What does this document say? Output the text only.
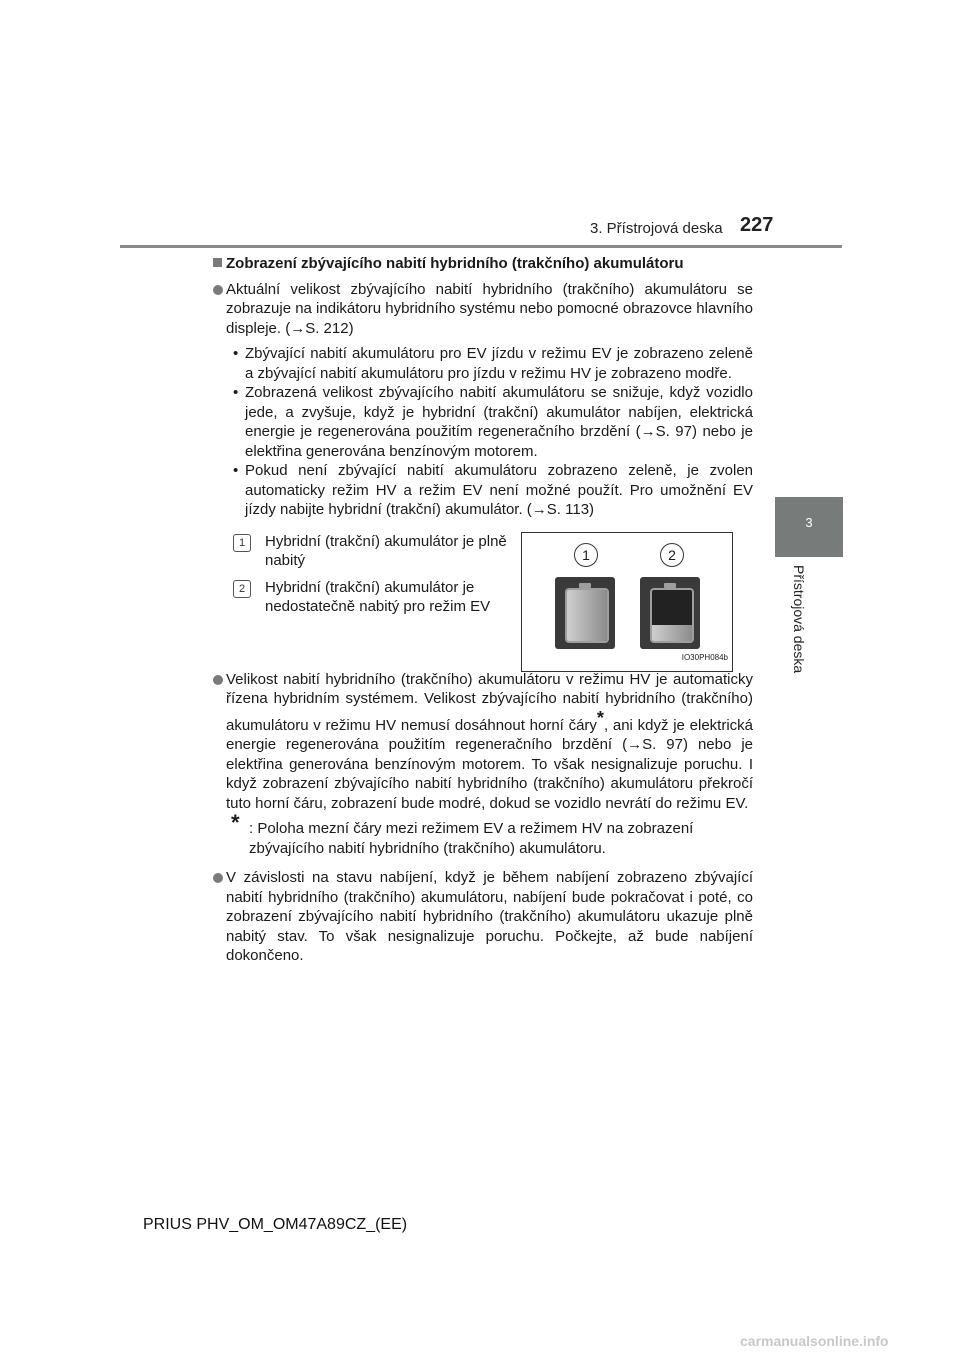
3. Přístrojová deska 227
3
Přístrojová deska
Zobrazení zbývajícího nabití hybridního (trakčního) akumulátoru
Aktuální velikost zbývajícího nabití hybridního (trakčního) akumulátoru se zobrazuje na indikátoru hybridního systému nebo pomocné obrazovce hlavního displeje. (→S. 212)
• Zbývající nabití akumulátoru pro EV jízdu v režimu EV je zobrazeno zeleně a zbývající nabití akumulátoru pro jízdu v režimu HV je zobrazeno modře.
• Zobrazená velikost zbývajícího nabití akumulátoru se snižuje, když vozidlo jede, a zvyšuje, když je hybridní (trakční) akumulátor nabíjen, elektrická energie je regenerována použitím regeneračního brzdění (→S. 97) nebo je elektřina generována benzínovým motorem.
• Pokud není zbývající nabití akumulátoru zobrazeno zeleně, je zvolen automaticky režim HV a režim EV není možné použít. Pro umožnění EV jízdy nabijte hybridní (trakční) akumulátor. (→S. 113)
1	Hybridní (trakční) akumulátor je plně nabitý
2	Hybridní (trakční) akumulátor je nedostatečně nabitý pro režim EV
1	2
IO30PH084b
Velikost nabití hybridního (trakčního) akumulátoru v režimu HV je automaticky řízena hybridním systémem. Velikost zbývajícího nabití hybridního (trakčního) akumulátoru v režimu HV nemusí dosáhnout horní čáry*, ani když je elektrická energie regenerována použitím regeneračního brzdění (→S. 97) nebo je elektřina generována benzínovým motorem. To však nesignalizuje poruchu. I když zobrazení zbývajícího nabití hybridního (trakčního) akumulátoru překročí tuto horní čáru, zobrazení bude modré, dokud se vozidlo nevrátí do režimu EV.
* : Poloha mezní čáry mezi režimem EV a režimem HV na zobrazení zbývajícího nabití hybridního (trakčního) akumulátoru.
V závislosti na stavu nabíjení, když je během nabíjení zobrazeno zbývající nabití hybridního (trakčního) akumulátoru, nabíjení bude pokračovat i poté, co zobrazení zbývajícího nabití hybridního (trakčního) akumulátoru ukazuje plně nabitý stav. To však nesignalizuje poruchu. Počkejte, až bude nabíjení dokončeno.
PRIUS PHV_OM_OM47A89CZ_(EE)
carmanualsonline.info
